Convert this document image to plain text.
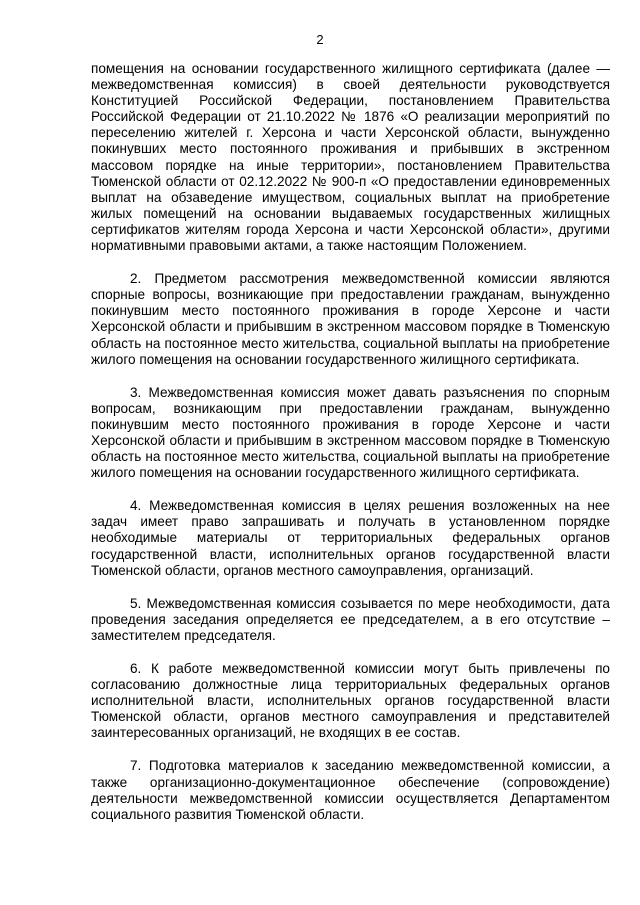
2

помещения на основании государственного жилищного сертификата (далее — межведомственная комиссия) в своей деятельности руководствуется Конституцией Российской Федерации, постановлением Правительства Российской Федерации от 21.10.2022 № 1876 «О реализации мероприятий по переселению жителей г. Херсона и части Херсонской области, вынужденно покинувших место постоянного проживания и прибывших в экстренном массовом порядке на иные территории», постановлением Правительства Тюменской области от 02.12.2022 № 900-п «О предоставлении единовременных выплат на обзаведение имуществом, социальных выплат на приобретение жилых помещений на основании выдаваемых государственных жилищных сертификатов жителям города Херсона и части Херсонской области», другими нормативными правовыми актами, а также настоящим Положением.

2. Предметом рассмотрения межведомственной комиссии являются спорные вопросы, возникающие при предоставлении гражданам, вынужденно покинувшим место постоянного проживания в городе Херсоне и части Херсонской области и прибывшим в экстренном массовом порядке в Тюменскую область на постоянное место жительства, социальной выплаты на приобретение жилого помещения на основании государственного жилищного сертификата.

3. Межведомственная комиссия может давать разъяснения по спорным вопросам, возникающим при предоставлении гражданам, вынужденно покинувшим место постоянного проживания в городе Херсоне и части Херсонской области и прибывшим в экстренном массовом порядке в Тюменскую область на постоянное место жительства, социальной выплаты на приобретение жилого помещения на основании государственного жилищного сертификата.

4. Межведомственная комиссия в целях решения возложенных на нее задач имеет право запрашивать и получать в установленном порядке необходимые материалы от территориальных федеральных органов государственной власти, исполнительных органов государственной власти Тюменской области, органов местного самоуправления, организаций.

5. Межведомственная комиссия созывается по мере необходимости, дата проведения заседания определяется ее председателем, а в его отсутствие – заместителем председателя.

6. К работе межведомственной комиссии могут быть привлечены по согласованию должностные лица территориальных федеральных органов исполнительной власти, исполнительных органов государственной власти Тюменской области, органов местного самоуправления и представителей заинтересованных организаций, не входящих в ее состав.

7. Подготовка материалов к заседанию межведомственной комиссии, а также организационно-документационное обеспечение (сопровождение) деятельности межведомственной комиссии осуществляется Департаментом социального развития Тюменской области.
